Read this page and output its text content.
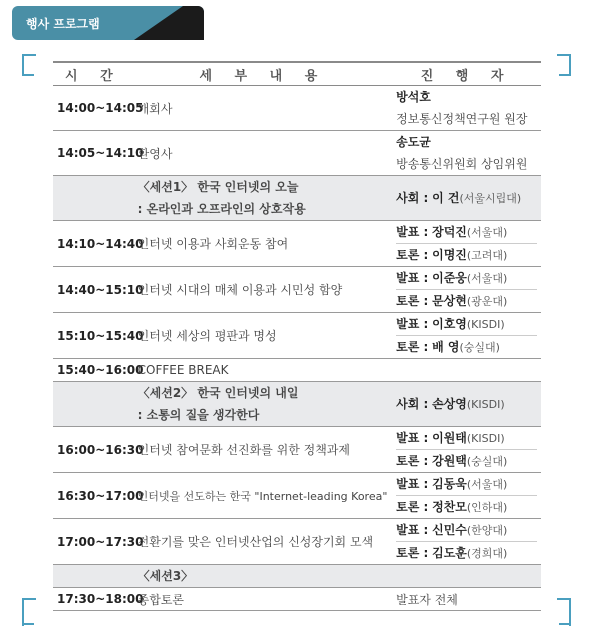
행사 프로그램
시 간	세 부 내 용	진 행 자
14:00~14:05	개회사	방석호
정보통신정책연구원 원장

14:05~14:10	환영사	송도균
방송통신위원회 상임위원

	〈세션1〉 한국 인터넷의 오늘
: 온라인과 오프라인의 상호작용	사회 : 이 건(서울시립대)

14:10~14:40	인터넷 이용과 사회운동 참여	발표 : 장덕진(서울대)
토론 : 이명진(고려대)

14:40~15:10	인터넷 시대의 매체 이용과 시민성 함양	발표 : 이준웅(서울대)
토론 : 문상현(광운대)

15:10~15:40	인터넷 세상의 평판과 명성	발표 : 이호영(KISDI)
토론 : 배 영(숭실대)

15:40~16:00	COFFEE BREAK	

	〈세션2〉 한국 인터넷의 내일
: 소통의 질을 생각한다	사회 : 손상영(KISDI)

16:00~16:30	인터넷 참여문화 선진화를 위한 정책과제	발표 : 이원태(KISDI)
토론 : 강원택(숭실대)

16:30~17:00	인터넷을 선도하는 한국 "Internet-leading Korea"	발표 : 김동욱(서울대)
토론 : 정찬모(인하대)

17:00~17:30	전환기를 맞은 인터넷산업의 신성장기회 모색	발표 : 신민수(한양대)
토론 : 김도훈(경희대)

	〈세션3〉	
17:30~18:00	종합토론	발표자 전체
